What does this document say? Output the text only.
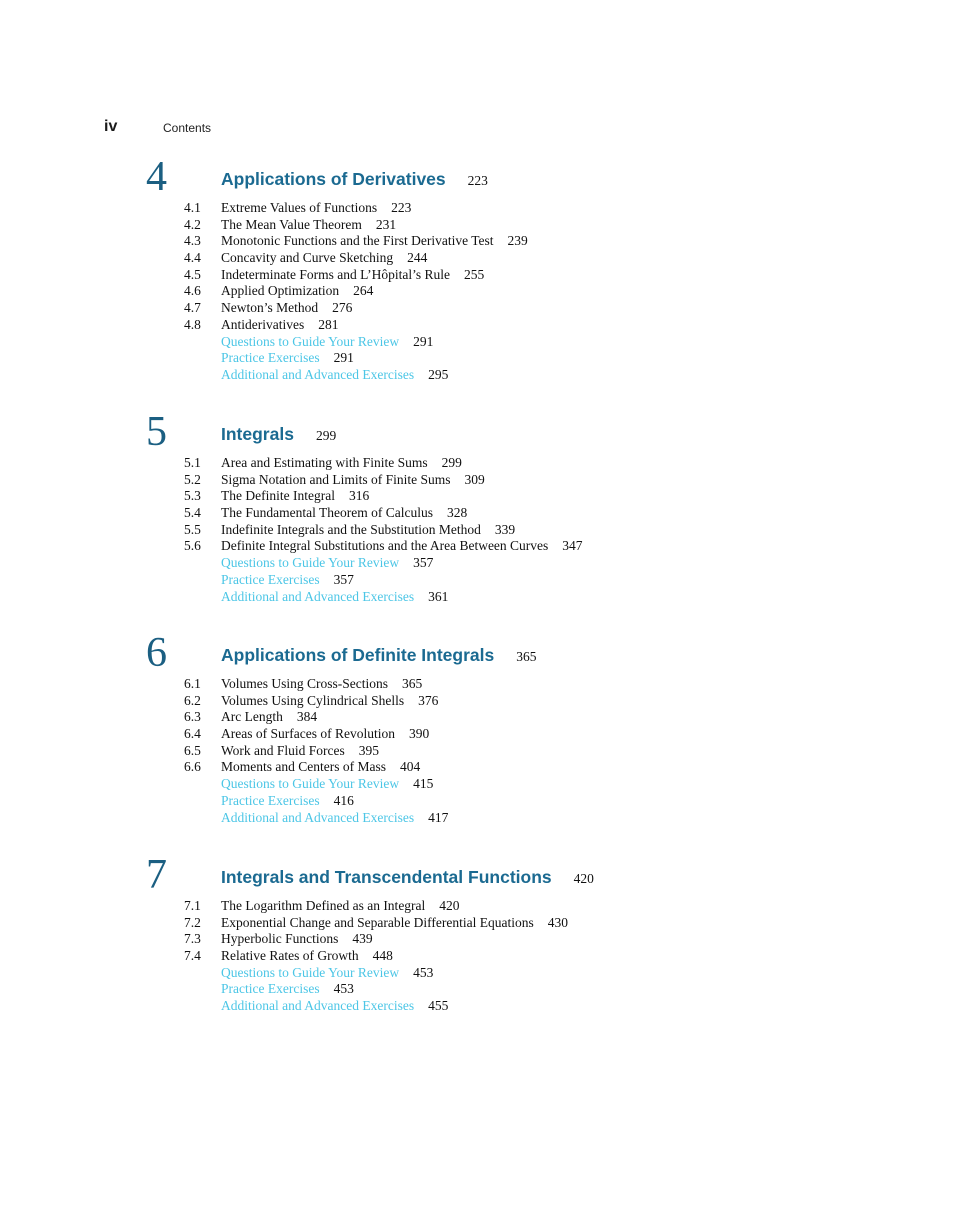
iv	Contents
4	Applications of Derivatives 223
4.1 Extreme Values of Functions 223
4.2 The Mean Value Theorem 231
4.3 Monotonic Functions and the First Derivative Test 239
4.4 Concavity and Curve Sketching 244
4.5 Indeterminate Forms and L’Hôpital’s Rule 255
4.6 Applied Optimization 264
4.7 Newton’s Method 276
4.8 Antiderivatives 281
Questions to Guide Your Review 291
Practice Exercises 291
Additional and Advanced Exercises 295
5	Integrals 299
5.1 Area and Estimating with Finite Sums 299
5.2 Sigma Notation and Limits of Finite Sums 309
5.3 The Definite Integral 316
5.4 The Fundamental Theorem of Calculus 328
5.5 Indefinite Integrals and the Substitution Method 339
5.6 Definite Integral Substitutions and the Area Between Curves 347
Questions to Guide Your Review 357
Practice Exercises 357
Additional and Advanced Exercises 361
6	Applications of Definite Integrals 365
6.1 Volumes Using Cross-Sections 365
6.2 Volumes Using Cylindrical Shells 376
6.3 Arc Length 384
6.4 Areas of Surfaces of Revolution 390
6.5 Work and Fluid Forces 395
6.6 Moments and Centers of Mass 404
Questions to Guide Your Review 415
Practice Exercises 416
Additional and Advanced Exercises 417
7	Integrals and Transcendental Functions 420
7.1 The Logarithm Defined as an Integral 420
7.2 Exponential Change and Separable Differential Equations 430
7.3 Hyperbolic Functions 439
7.4 Relative Rates of Growth 448
Questions to Guide Your Review 453
Practice Exercises 453
Additional and Advanced Exercises 455
